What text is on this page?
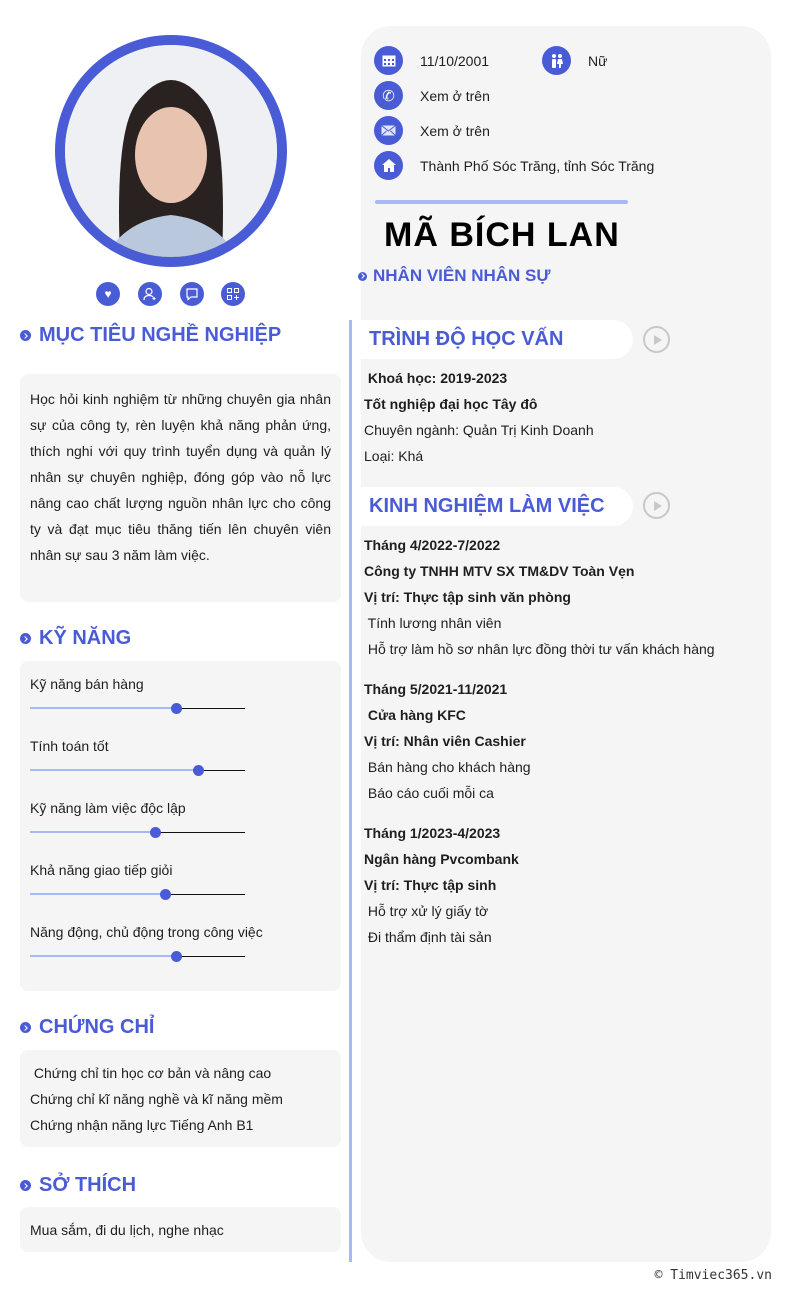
♥
MỤC TIÊU NGHỀ NGHIỆP
Học hỏi kinh nghiệm từ những chuyên gia nhân sự của công ty, rèn luyện khả năng phản ứng, thích nghi với quy trình tuyển dụng và quản lý nhân sự chuyên nghiệp, đóng góp vào nỗ lực nâng cao chất lượng nguồn nhân lực cho công ty và đạt mục tiêu thăng tiến lên chuyên viên nhân sự sau 3 năm làm việc.
KỸ NĂNG
Kỹ năng bán hàng
Tính toán tốt
Kỹ năng làm việc độc lập
Khả năng giao tiếp giỏi
Năng động, chủ động trong công việc
CHỨNG CHỈ
Chứng chỉ tin học cơ bản và nâng cao
Chứng chỉ kĩ năng nghề và kĩ năng mềm
Chứng nhận năng lực Tiếng Anh B1
SỞ THÍCH
Mua sắm, đi du lịch, nghe nhạc
11/10/2001	Nữ
✆ Xem ở trên
Xem ở trên
Thành Phố Sóc Trăng, tỉnh Sóc Trăng
MÃ BÍCH LAN
NHÂN VIÊN NHÂN SỰ
TRÌNH ĐỘ HỌC VẤN
Khoá học: 2019-2023
Tốt nghiệp đại học Tây đô
Chuyên ngành: Quản Trị Kinh Doanh
Loại: Khá
KINH NGHIỆM LÀM VIỆC
Tháng 4/2022-7/2022
Công ty TNHH MTV SX TM&DV Toàn Vẹn
Vị trí: Thực tập sinh văn phòng
Tính lương nhân viên
Hỗ trợ làm hồ sơ nhân lực đồng thời tư vấn khách hàng
Tháng 5/2021-11/2021
Cửa hàng KFC
Vị trí: Nhân viên Cashier
Bán hàng cho khách hàng
Báo cáo cuối mỗi ca
Tháng 1/2023-4/2023
Ngân hàng Pvcombank
Vị trí: Thực tập sinh
Hỗ trợ xử lý giấy tờ
Đi thẩm định tài sản
© Timviec365.vn
